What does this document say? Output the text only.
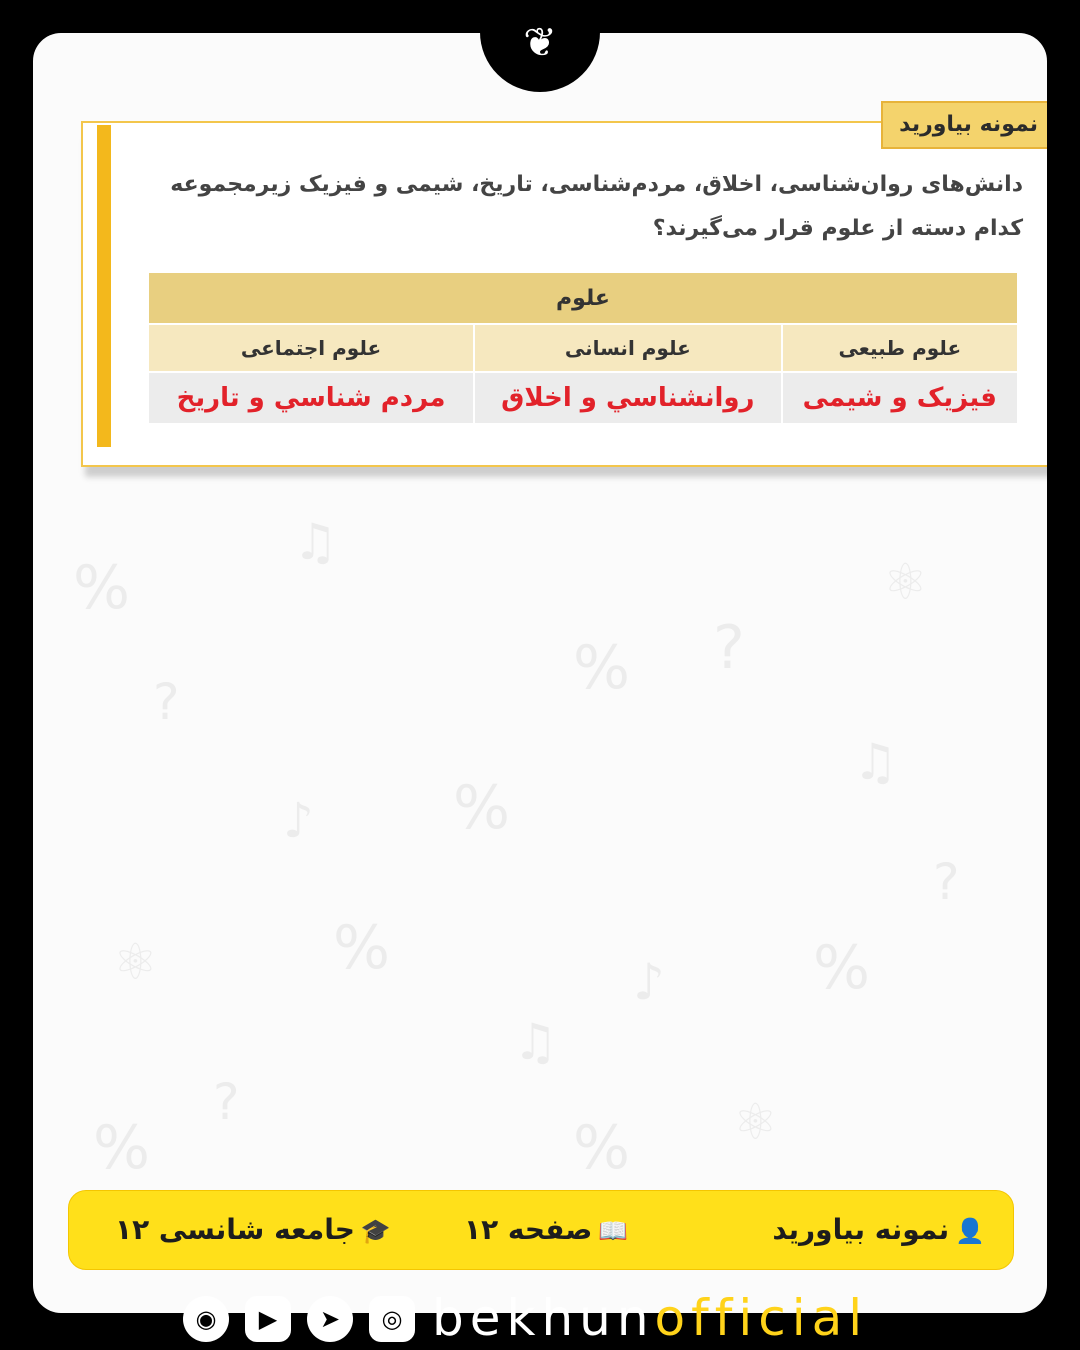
%
♫
% ?
⚛
?
%
♪
♫
?
⚛	%	♪ %
♫
?	⚛
%
%
نمونه بیاورید
دانش‌های روان‌شناسی، اخلاق، مردم‌شناسی، تاریخ، شیمی و فیزیک زیرمجموعه کدام دسته از علوم قرار می‌گیرند؟
علوم		
علوم طبیعی	علوم انسانی	علوم اجتماعی
فیزیک و شیمی	روانشناسي و اخلاق	مردم شناسي و تاريخ
👤نمونه بیاورید
📖صفحه ۱۲
🎓جامعه شانسی ۱۲
❦
◉	▶	➤	◎ bekhunofficial
